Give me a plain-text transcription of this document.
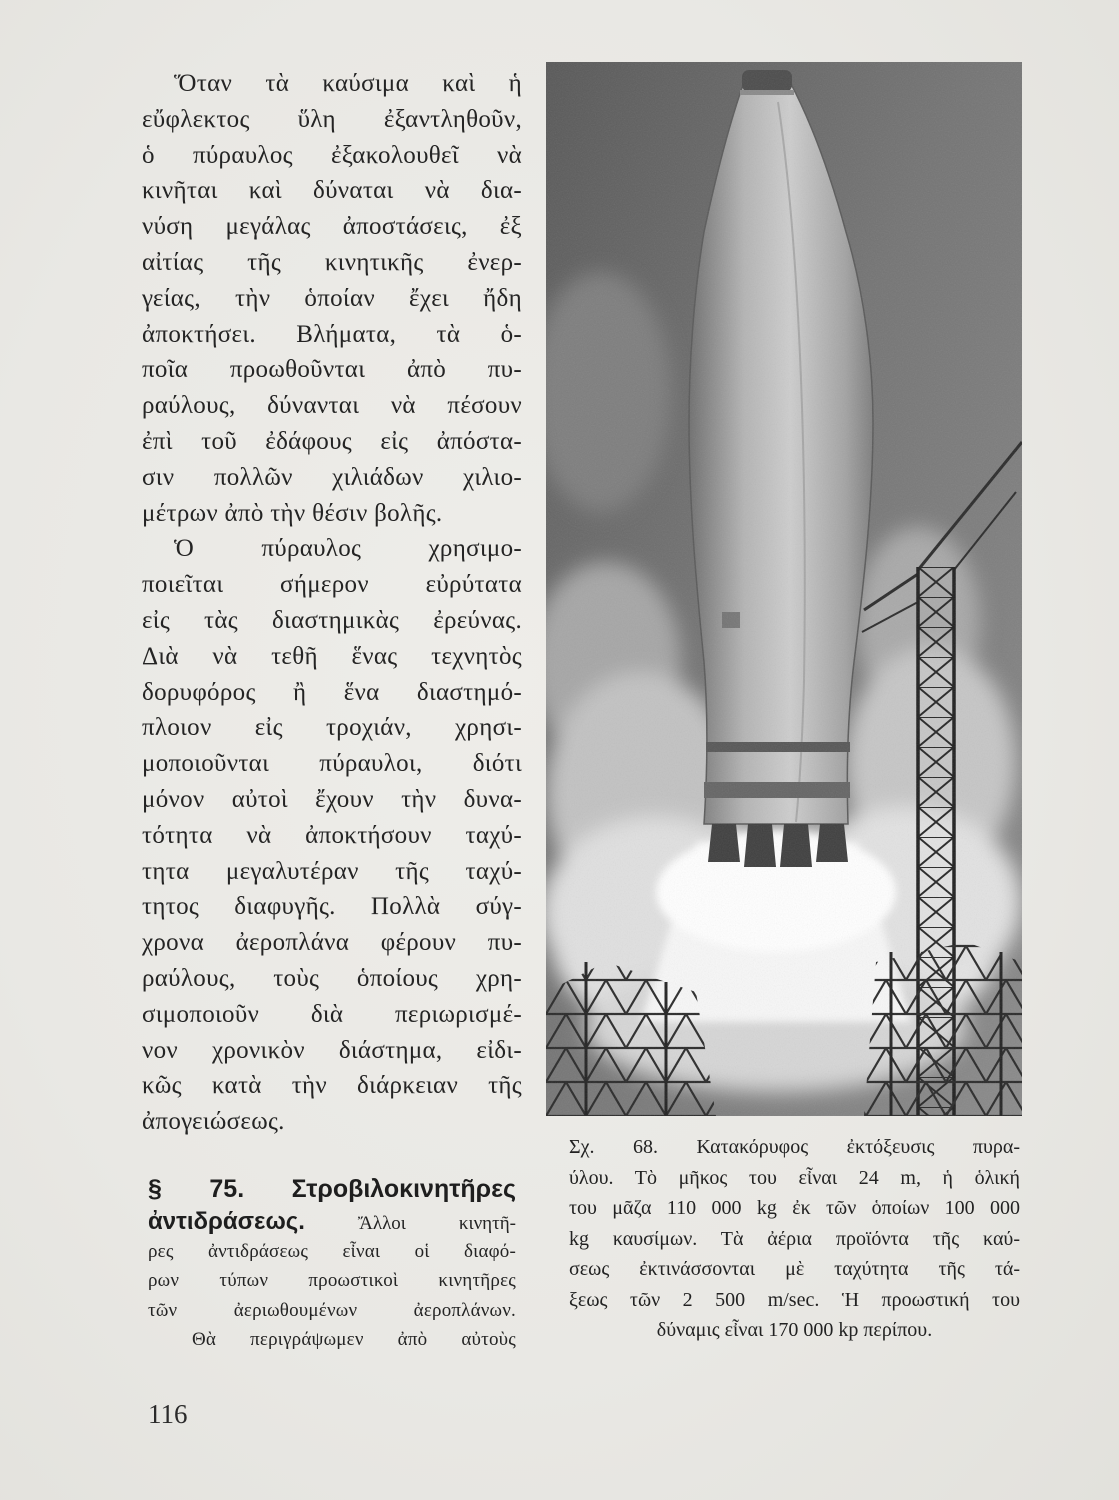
Ὅταν τὰ καύσιμα καὶ ἡ
εὔφλεκτος ὕλη ἐξαντληθοῦν,
ὁ πύραυλος ἐξακολουθεῖ νὰ
κινῆται καὶ δύναται νὰ δια-
νύση μεγάλας ἀποστάσεις, ἐξ
αἰτίας τῆς κινητικῆς ἐνερ-
γείας, τὴν ὁποίαν ἔχει ἤδη
ἀποκτήσει. Βλήματα, τὰ ὁ-
ποῖα προωθοῦνται ἀπὸ πυ-
ραύλους, δύνανται νὰ πέσουν
ἐπὶ τοῦ ἐδάφους εἰς ἀπόστα-
σιν πολλῶν χιλιάδων χιλιο-
μέτρων ἀπὸ τὴν θέσιν βολῆς.
Ὁ πύραυλος χρησιμο-
ποιεῖται σήμερον εὐρύτατα
εἰς τὰς διαστημικὰς ἐρεύνας.
Διὰ νὰ τεθῆ ἕνας τεχνητὸς
δορυφόρος ἢ ἕνα διαστημό-
πλοιον εἰς τροχιάν, χρησι-
μοποιοῦνται πύραυλοι, διότι
μόνον αὐτοὶ ἔχουν τὴν δυνα-
τότητα νὰ ἀποκτήσουν ταχύ-
τητα μεγαλυτέραν τῆς ταχύ-
τητος διαφυγῆς. Πολλὰ σύγ-
χρονα ἀεροπλάνα φέρουν πυ-
ραύλους, τοὺς ὁποίους χρη-
σιμοποιοῦν διὰ περιωρισμέ-
νον χρονικὸν διάστημα, εἰδι-
κῶς κατὰ τὴν διάρκειαν τῆς
ἀπογειώσεως.
§ 75. Στροβιλοκινητῆρες
ἀντιδράσεως.	Ἄλλοι κινητῆ-
ρες ἀντιδράσεως εἶναι οἱ διαφό-
ρων τύπων προωστικοὶ κινητῆρες
τῶν ἀεριωθουμένων ἀεροπλάνων.
Θὰ περιγράψωμεν ἀπὸ αὐτοὺς
Σχ. 68. Κατακόρυφος ἐκτόξευσις πυρα-
ύλου. Τὸ μῆκος του εἶναι 24 m, ἡ ὁλική
του μᾶζα 110 000 kg ἐκ τῶν ὁποίων 100 000
kg καυσίμων. Τὰ ἀέρια προϊόντα τῆς καύ-
σεως ἐκτινάσσονται μὲ ταχύτητα τῆς τά-
ξεως τῶν 2 500 m/sec. Ἡ προωστική του
δύναμις εἶναι 170 000 kp περίπου.
116
